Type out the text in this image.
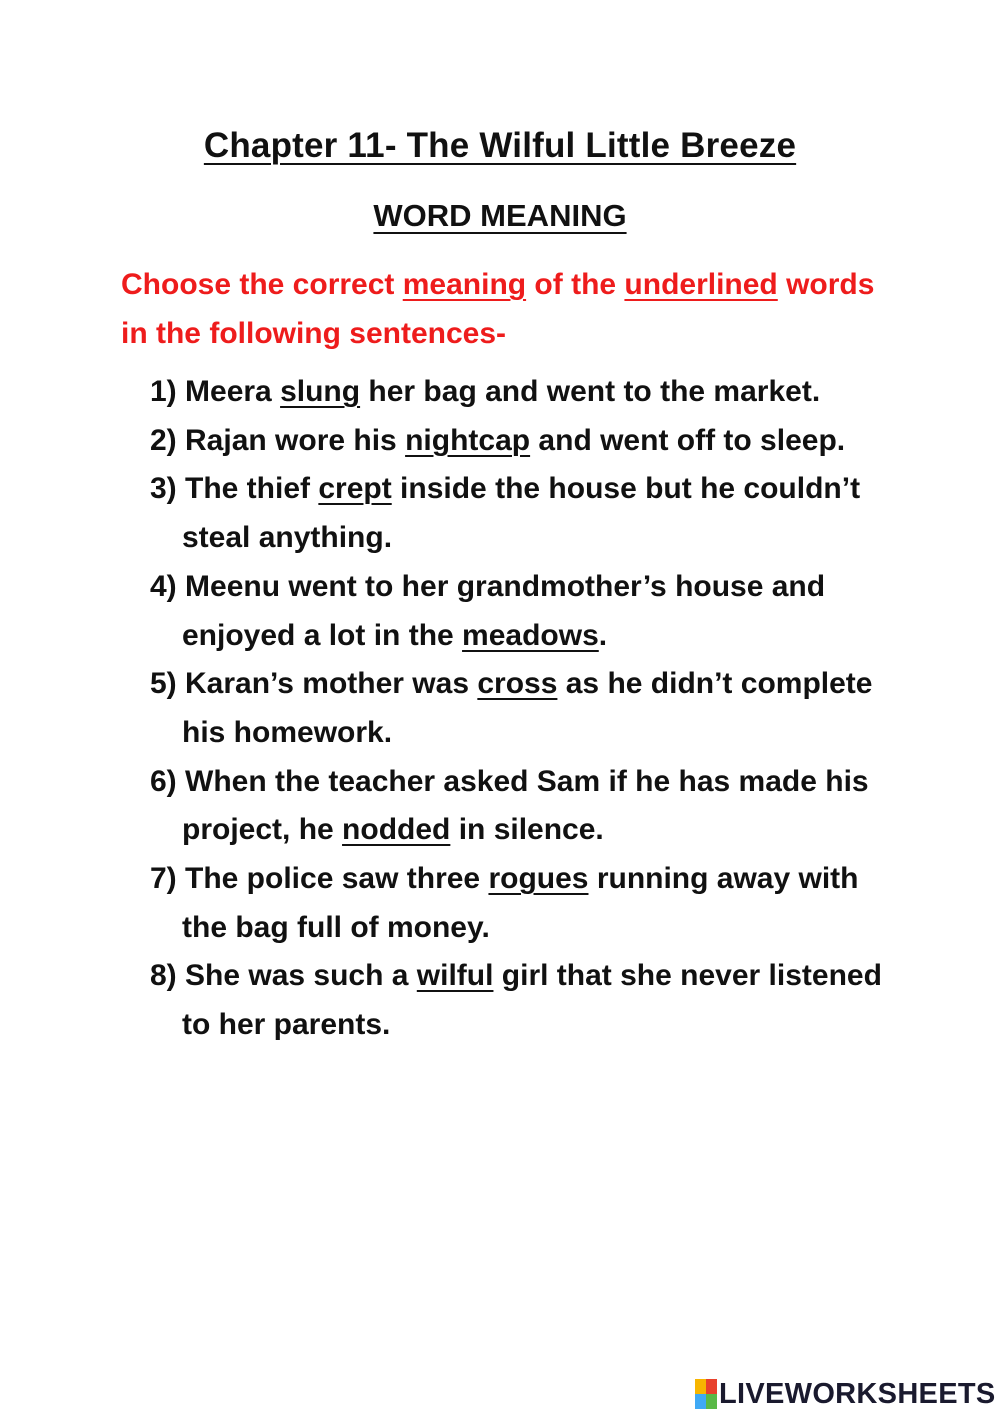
Chapter 11- The Wilful Little Breeze
WORD MEANING
Choose the correct meaning of the underlined words in the following sentences-
1) Meera slung her bag and went to the market.
2) Rajan wore his nightcap and went off to sleep.
3) The thief crept inside the house but he couldn’t steal anything.
4) Meenu went to her grandmother’s house and enjoyed a lot in the meadows.
5) Karan’s mother was cross as he didn’t complete his homework.
6) When the teacher asked Sam if he has made his project, he nodded in silence.
7) The police saw three rogues running away with the bag full of money.
8) She was such a wilful girl that she never listened to her parents.
LIVEWORKSHEETS
